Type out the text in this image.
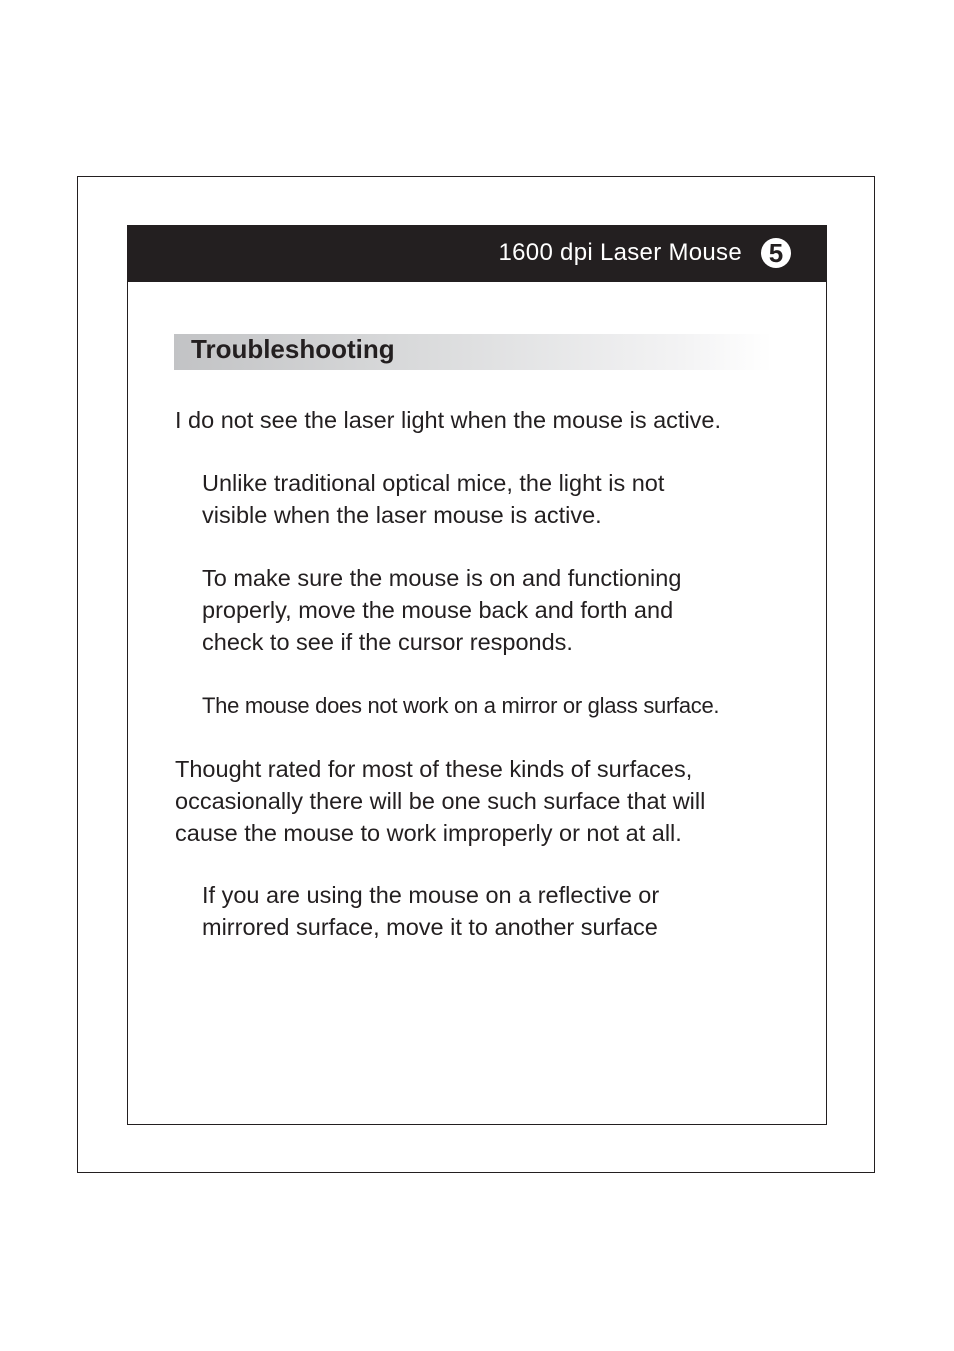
1600 dpi Laser Mouse 5
Troubleshooting

I do not see the laser light when the mouse is active.

Unlike traditional optical mice, the light is not
visible when the laser mouse is active.

To make sure the mouse is on and functioning
properly, move the mouse back and forth and
check to see if the cursor responds.

The mouse does not work on a mirror or glass surface.

Thought rated for most of these kinds of surfaces,
occasionally there will be one such surface that will
cause the mouse to work improperly or not at all.

If you are using the mouse on a reflective or
mirrored surface, move it to another surface
